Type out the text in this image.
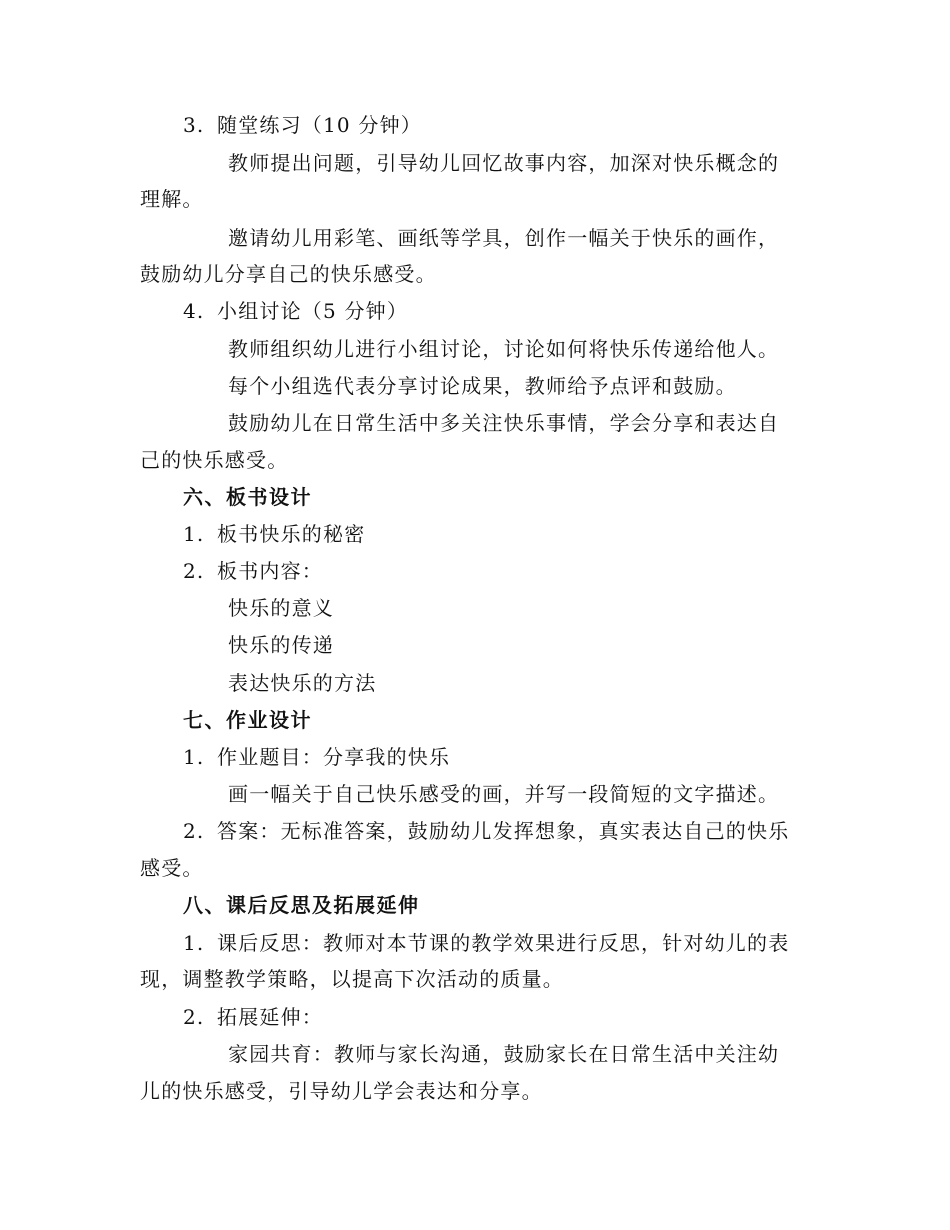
3. 随堂练习（10 分钟）
教师提出问题，引导幼儿回忆故事内容，加深对快乐概念的
理解。
邀请幼儿用彩笔、画纸等学具，创作一幅关于快乐的画作，
鼓励幼儿分享自己的快乐感受。
4. 小组讨论（5 分钟）
教师组织幼儿进行小组讨论，讨论如何将快乐传递给他人。
每个小组选代表分享讨论成果，教师给予点评和鼓励。
鼓励幼儿在日常生活中多关注快乐事情，学会分享和表达自
己的快乐感受。
六、板书设计
1. 板书快乐的秘密
2. 板书内容：
快乐的意义
快乐的传递
表达快乐的方法
七、作业设计
1. 作业题目：分享我的快乐
画一幅关于自己快乐感受的画，并写一段简短的文字描述。
2. 答案：无标准答案，鼓励幼儿发挥想象，真实表达自己的快乐
感受。
八、课后反思及拓展延伸
1. 课后反思：教师对本节课的教学效果进行反思，针对幼儿的表
现，调整教学策略，以提高下次活动的质量。
2. 拓展延伸：
家园共育：教师与家长沟通，鼓励家长在日常生活中关注幼
儿的快乐感受，引导幼儿学会表达和分享。
